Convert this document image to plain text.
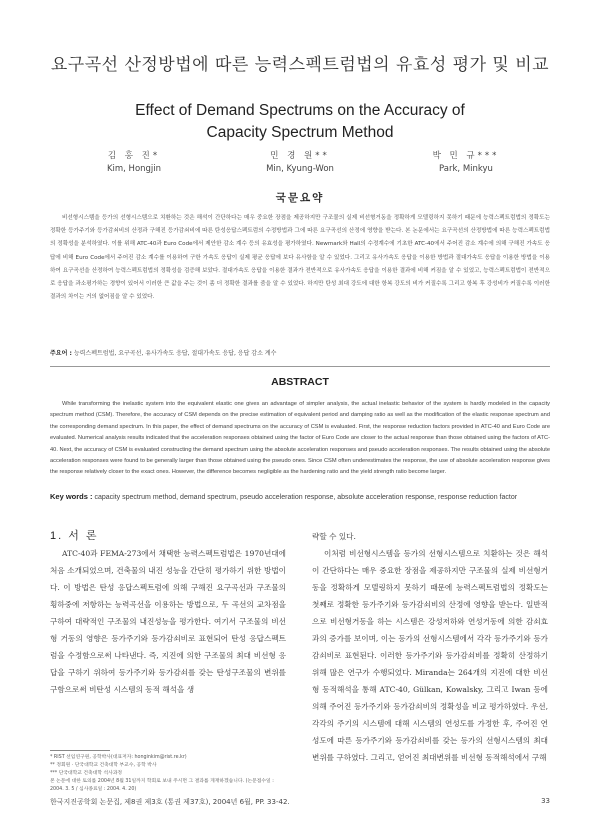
요구곡선 산정방법에 따른 능력스펙트럼법의 유효성 평가 및 비교
Effect of Demand Spectrums on the Accuracy of
Capacity Spectrum Method
김 홍 진*
Kim, Hongjin
민 경 원**
Min, Kyung-Won
박 민 규***
Park, Minkyu
국문요약
비선형시스템을 등가의 선형시스템으로 치환하는 것은 해석이 간단하다는 매우 중요한 장점을 제공하지만 구조물의 실제 비선형거동을 정확하게 모델링하지 못하기 때문에 능력스펙트럼법의 정확도는 정확한 등가주기와 등가감쇠비의 산정과 구해진 등가감쇠비에 따른 탄성응답스펙트럼의 수정방법과 그에 따른 요구곡선의 산정에 영향을 받는다. 본 논문에서는 요구곡선의 산정방법에 따른 능력스펙트럼법의 정확성을 분석하였다. 이를 위해 ATC-40과 Euro Code에서 제안한 감소 계수 등의 유효성을 평가하였다. Newmark와 Hall의 수정계수에 기초한 ATC-40에서 주어진 감소 계수에 의해 구해진 가속도 응답에 비해 Euro Code에서 주어진 감소 계수를 이용하여 구한 가속도 응답이 실제 평균 응답에 보다 유사함을 알 수 있었다. 그리고 유사가속도 응답을 이용한 방법과 절대가속도 응답을 이용한 방법을 이용하여 요구곡선을 산정하여 능력스펙트럼법의 정확성을 검증해 보았다. 절대가속도 응답을 이용한 결과가 전반적으로 유사가속도 응답을 이용한 결과에 비해 커짐을 알 수 있었고, 능력스펙트럼법이 전반적으로 응답을 과소평가하는 경향이 있어서 이러한 큰 값을 주는 것이 좀 더 정확한 결과를 줌을 알 수 있었다. 하지만 탄성 최대 강도에 대한 항복 강도의 비가 커질수록 그리고 항복 후 강성비가 커질수록 이러한 결과의 차이는 거의 없어짐을 알 수 있었다.
주요어 : 능력스펙트럼법, 요구곡선, 유사가속도 응답, 절대가속도 응답, 응답 감소 계수
ABSTRACT
While transforming the inelastic system into the equivalent elastic one gives an advantage of simpler analysis, the actual inelastic behavior of the system is hardly modeled in the capacity spectrum method (CSM). Therefore, the accuracy of CSM depends on the precise estimation of equivalent period and damping ratio as well as the modification of the elastic response spectrum and the corresponding demand spectrum. In this paper, the effect of demand spectrums on the accuracy of CSM is evaluated. First, the response reduction factors provided in ATC-40 and Euro Code are evaluated. Numerical analysis results indicated that the acceleration responses obtained using the factor of Euro Code are closer to the actual response than those obtained using the factors of ATC-40. Next, the accuracy of CSM is evaluated constructing the demand spectrum using the absolute acceleration responses and pseudo acceleration responses. The results obtained using the absolute acceleration responses were found to be generally larger than those obtained using the pseudo ones. Since CSM often underestimates the response, the use of absolute acceleration response gives the response relatively closer to the exact ones. However, the difference becomes negligible as the hardening ratio and the yield strength ratio become larger.
Key words : capacity spectrum method, demand spectrum, pseudo acceleration response, absolute acceleration response, response reduction factor

1. 서 론

ATC-40과 FEMA-273에서 채택한 능력스펙트럼법은 1970년대에 처음 소개되었으며, 건축물의 내진 성능을 간단히 평가하기 위한 방법이다. 이 방법은 탄성 응답스펙트럼에 의해 구해진 요구곡선과 구조물의 횡하중에 저항하는 능력곡선을 이용하는 방법으로, 두 곡선의 교차점을 구하여 대략적인 구조물의 내진성능을 평가한다. 여기서 구조물의 비선형 거동의 영향은 등가주기와 등가감쇠비로 표현되어 탄성 응답스펙트럼을 수정함으로써 나타낸다. 즉, 지진에 의한 구조물의 최대 비선형 응답을 구하기 위하여 등가주기와 등가감쇠를 갖는 탄성구조물의 변위를 구함으로써 비탄성 시스템의 동적 해석을 생

략할 수 있다.

이처럼 비선형시스템을 등가의 선형시스템으로 치환하는 것은 해석이 간단하다는 매우 중요한 장점을 제공하지만 구조물의 실제 비선형거동을 정확하게 모델링하지 못하기 때문에 능력스펙트럼법의 정확도는 첫째로 정확한 등가주기와 등가감쇠비의 산정에 영향을 받는다. 일반적으로 비선형거동을 하는 시스템은 강성저하와 연성거동에 의한 감쇠효과의 증가를 보이며, 이는 등가의 선형시스템에서 각각 등가주기와 등가감쇠비로 표현된다. 이러한 등가주기와 등가감쇠비를 정확히 산정하기 위해 많은 연구가 수행되었다. Miranda는 264개의 지진에 대한 비선형 동적해석을 통해 ATC-40, Gülkan, Kowalsky, 그리고 Iwan 등에 의해 주어진 등가주기와 등가감쇠비의 정확성을 비교 평가하였다. 우선, 각각의 주기의 시스템에 대해 시스템의 연성도를 가정한 후, 주어진 연성도에 따른 등가주기와 등가감쇠비를 갖는 등가의 선형시스템의 최대변위를 구하였다. 그리고, 얻어진 최대변위를 비선형 동적해석에서 구해

* RIST 선임연구원, 공학박사(대표저자: honginkim@rist.re.kr)
** 정회원 · 단국대학교 건축대학 부교수, 공학 박사
*** 단국대학교 건축대학 석사과정
본 논문에 대한 토의를 2004년 8월 31일까지 학회로 보내 주시면 그 결과를 게재하겠습니다. (논문접수일 : 2004. 3. 5 / 심사종료일 : 2004. 4. 20)
한국지진공학회 논문집, 제8권 제3호 (통권 제37호), 2004년 6월, PP. 33-42.	33
